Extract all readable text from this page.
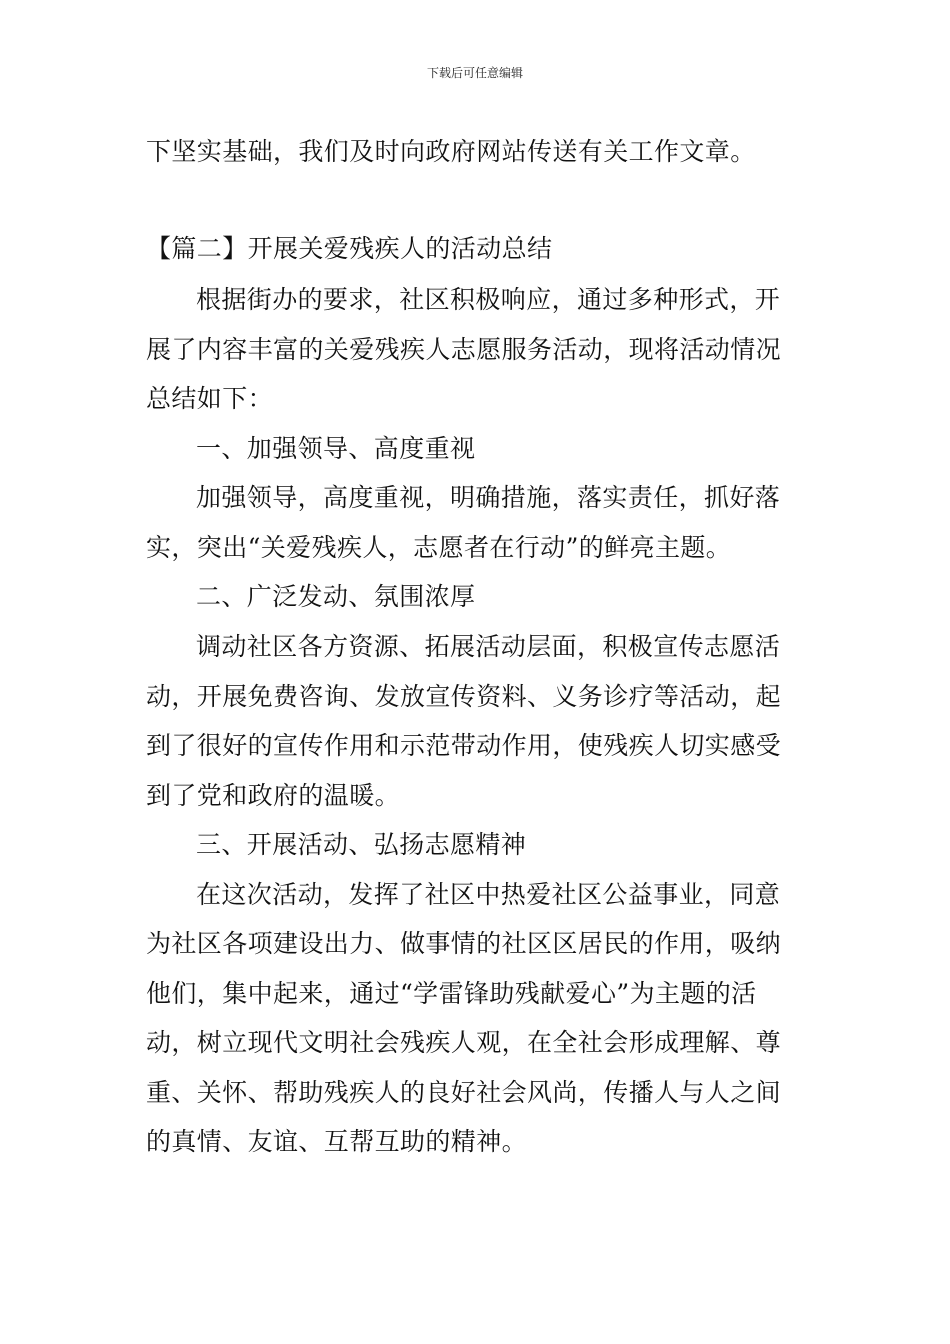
下载后可任意编辑
下坚实基础，我们及时向政府网站传送有关工作文章。
【篇二】开展关爱残疾人的活动总结
根据街办的要求，社区积极响应，通过多种形式，开
展了内容丰富的关爱残疾人志愿服务活动，现将活动情况
总结如下：
一、加强领导、高度重视
加强领导，高度重视，明确措施，落实责任，抓好落
实，突出“关爱残疾人，志愿者在行动”的鲜亮主题。
二、广泛发动、氛围浓厚
调动社区各方资源、拓展活动层面，积极宣传志愿活
动，开展免费咨询、发放宣传资料、义务诊疗等活动，起
到了很好的宣传作用和示范带动作用，使残疾人切实感受
到了党和政府的温暖。
三、开展活动、弘扬志愿精神
在这次活动，发挥了社区中热爱社区公益事业，同意
为社区各项建设出力、做事情的社区区居民的作用，吸纳
他们，集中起来，通过“学雷锋助残献爱心”为主题的活
动，树立现代文明社会残疾人观，在全社会形成理解、尊
重、关怀、帮助残疾人的良好社会风尚，传播人与人之间
的真情、友谊、互帮互助的精神。
